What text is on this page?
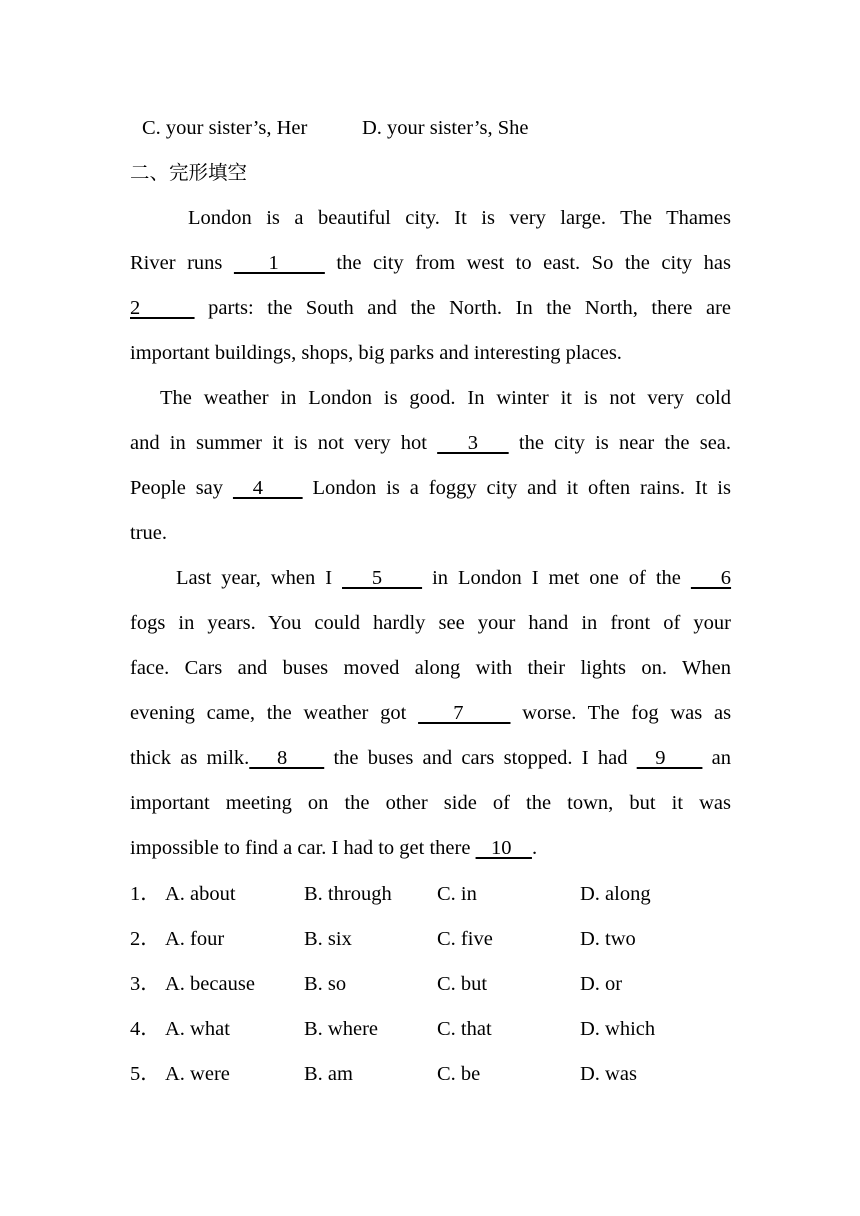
C. your sister’s, Her	D. your sister’s, She
二、完形填空
London is a beautiful city. It is very large. The Thames
River runs    1     the city from west to east. So the city has
2     parts: the South and the North. In the North, there are
important buildings, shops, big parks and interesting places.
The weather in London is good. In winter it is not very cold
and in summer it is not very hot    3    the city is near the sea.
People say   4     London is a foggy city and it often rains. It is
true.
Last year, when I    5     in London I met one of the    6
fogs in years. You could hardly see your hand in front of your
face. Cars and buses moved along with their lights on. When
evening came, the weather got    7     worse. The fog was as
thick as milk.   8     the buses and cars stopped. I had   9     an
important meeting on the other side of the town, but it was
impossible to find a car. I had to get there    10    .
1． A. about	B. through C. in	D. along
2． A. four	B. six	C. five	D. two
3． A. because B. so	C. but	D. or
4． A. what	B. where	C. that	D. which
5． A. were	B. am	C. be	D. was
